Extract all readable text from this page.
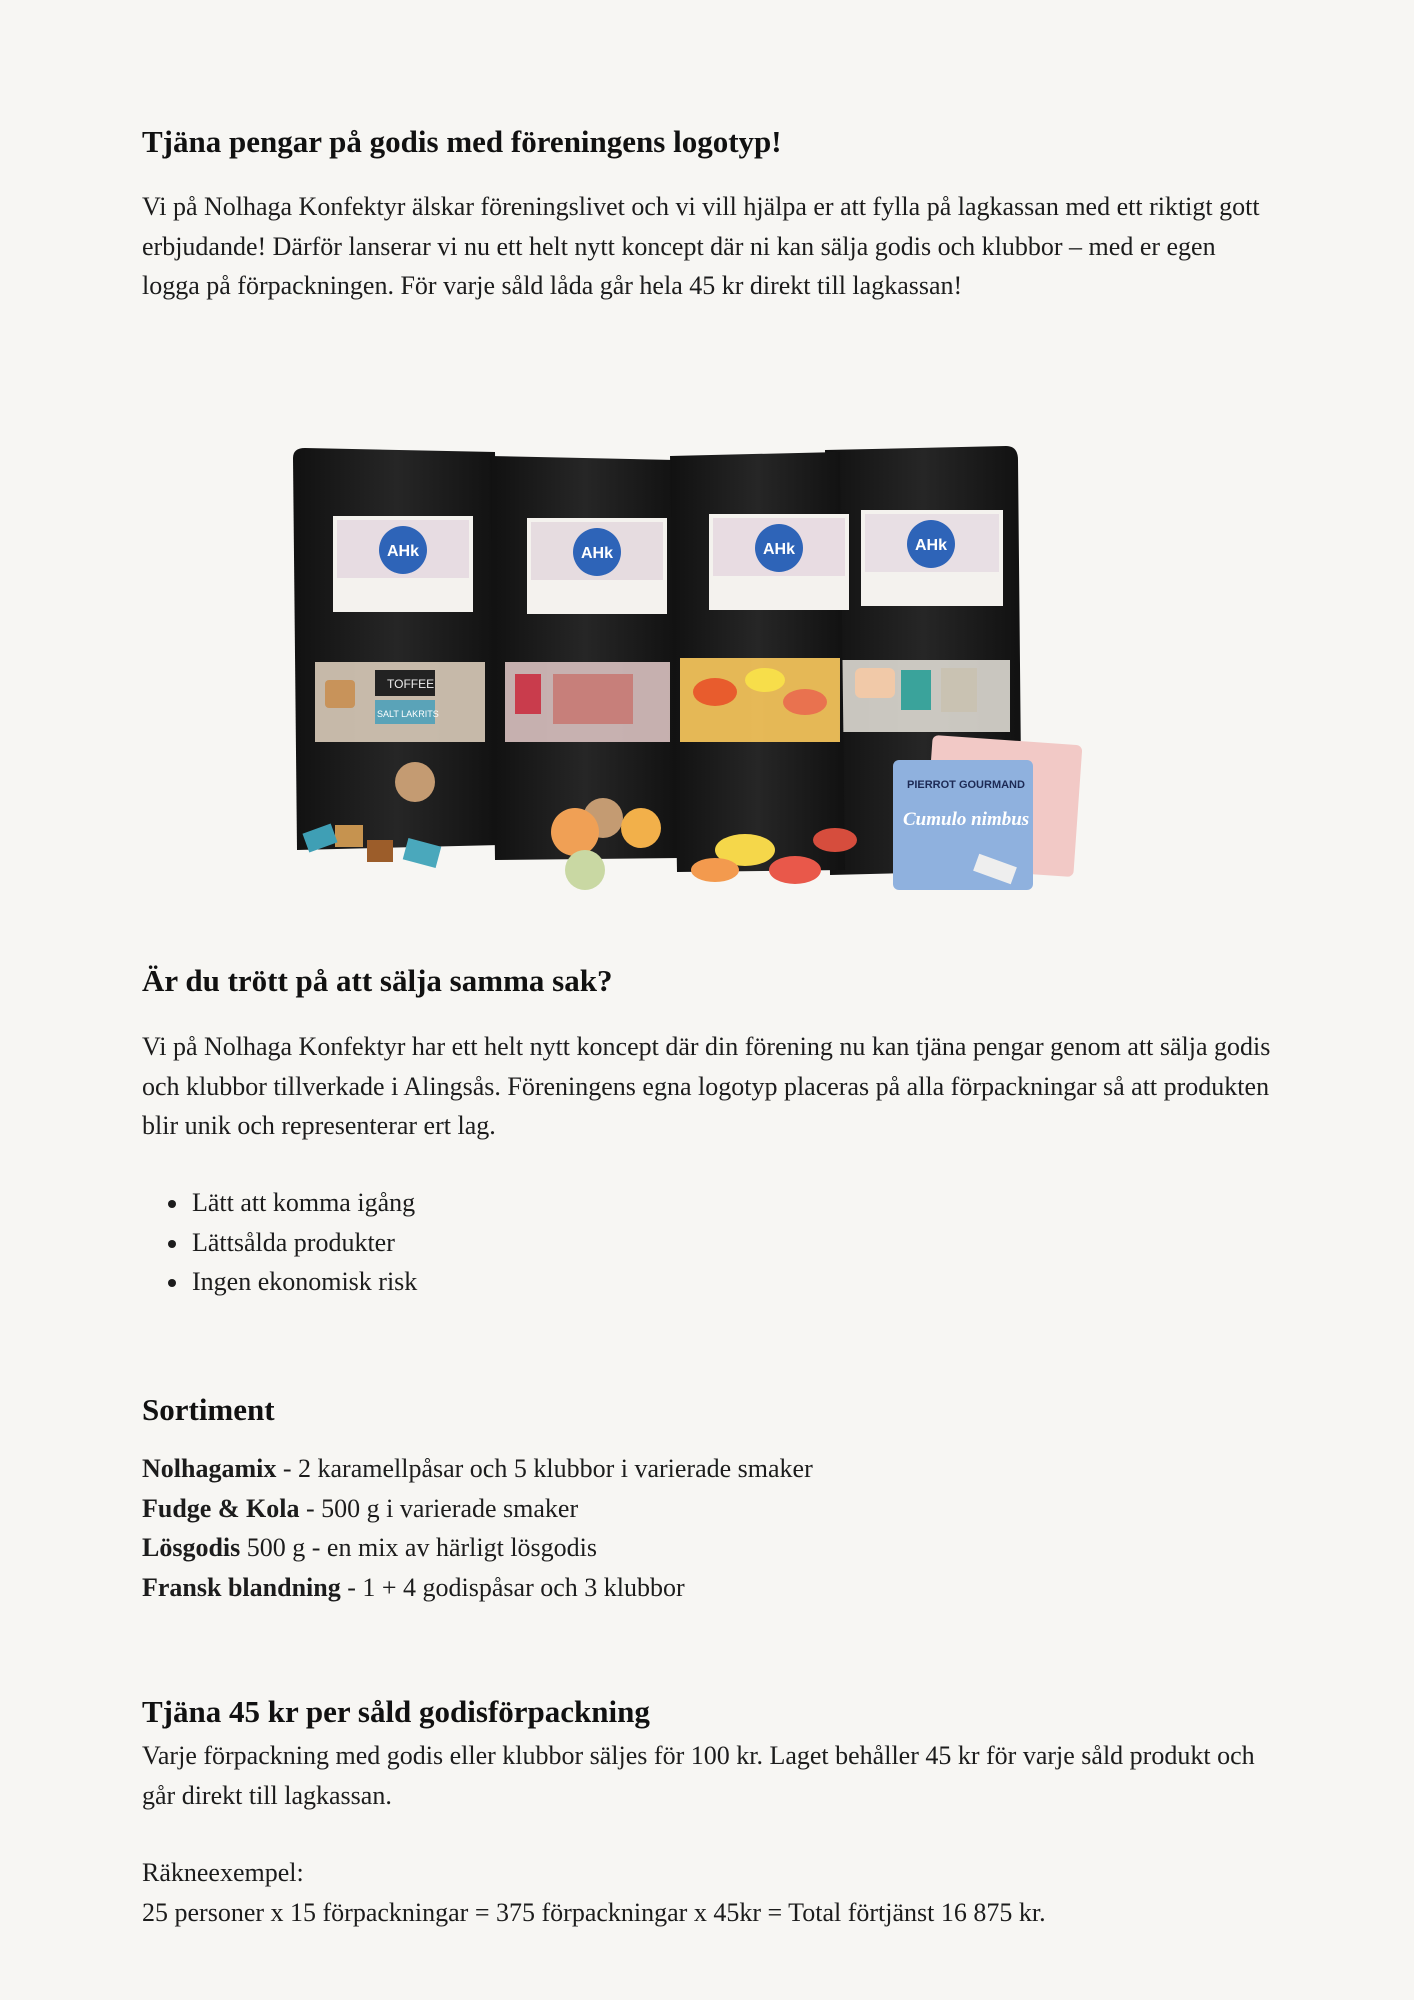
Tjäna pengar på godis med föreningens logotyp!

Vi på Nolhaga Konfektyr älskar föreningslivet och vi vill hjälpa er att fylla på lagkassan med ett riktigt gott erbjudande! Därför lanserar vi nu ett helt nytt koncept där ni kan sälja godis och klubbor – med er egen logga på förpackningen. För varje såld låda går hela 45 kr direkt till lagkassan!

TOFFEE
SALT LAKRITS
AHk	AHk	AHk	AHk
PIERROT GOURMAND
Cumulo nimbus
Är du trött på att sälja samma sak?

Vi på Nolhaga Konfektyr har ett helt nytt koncept där din förening nu kan tjäna pengar genom att sälja godis och klubbor tillverkade i Alingsås. Föreningens egna logotyp placeras på alla förpackningar så att produkten blir unik och representerar ert lag.

• Lätt att komma igång
• Lättsålda produkter
• Ingen ekonomisk risk
Sortiment
Nolhagamix - 2 karamellpåsar och 5 klubbor i varierade smaker
Fudge & Kola - 500 g i varierade smaker
Lösgodis 500 g - en mix av härligt lösgodis
Fransk blandning - 1 + 4 godispåsar och 3 klubbor
Tjäna 45 kr per såld godisförpackning

Varje förpackning med godis eller klubbor säljes för 100 kr. Laget behåller 45 kr för varje såld produkt och går direkt till lagkassan.

Räkneexempel:
25 personer x 15 förpackningar = 375 förpackningar x 45kr = Total förtjänst 16 875 kr.
